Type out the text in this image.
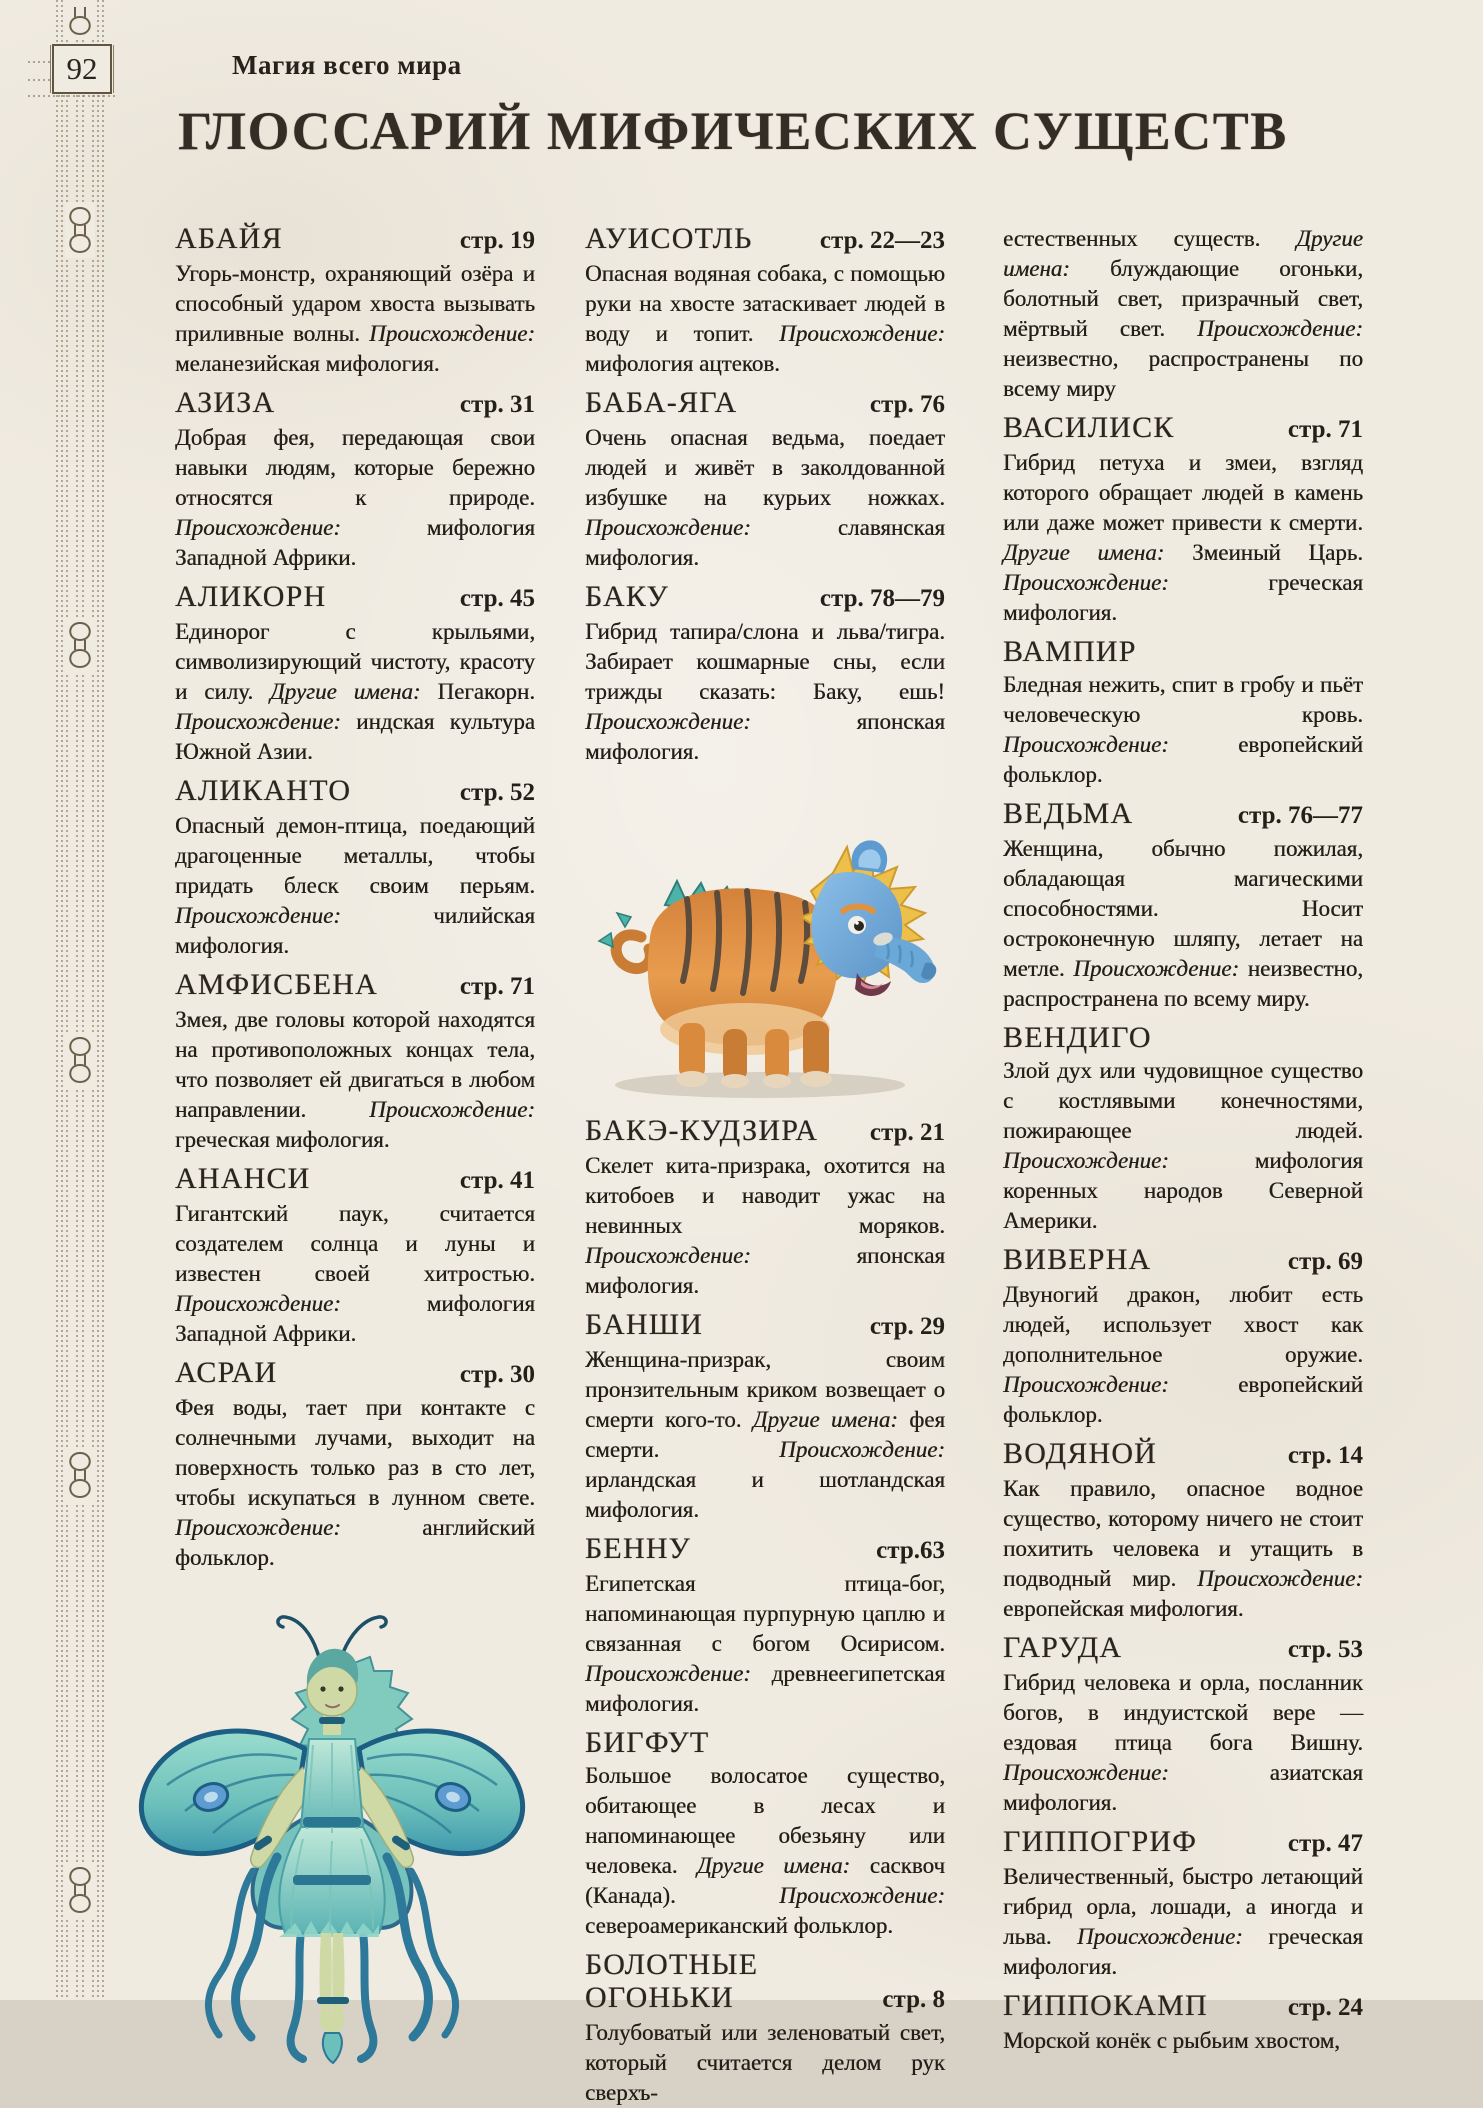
92	Магия всего мира
ГЛОССАРИЙ МИФИЧЕСКИХ СУЩЕСТВ
АБАЙЯ	стр. 19

Угорь-монстр, охраняющий озёра и способный ударом хвоста вызывать приливные волны. Происхождение: меланезийская мифология.

АЗИЗА	стр. 31

Добрая фея, передающая свои навыки людям, которые бережно относятся к природе. Происхождение: мифология Западной Африки.

АЛИКОРН	стр. 45

Единорог с крыльями, символизирующий чистоту, красоту и силу. Другие имена: Пегакорн. Происхождение: индская культура Южной Азии.

АЛИКАНТО	стр. 52

Опасный демон-птица, поедающий драгоценные металлы, чтобы придать блеск своим перьям. Происхождение: чилийская мифология.

АМФИСБЕНА	стр. 71

Змея, две головы которой находятся на противоположных концах тела, что позволяет ей двигаться в любом направлении. Происхождение: греческая мифология.

АНАНСИ	стр. 41

Гигантский паук, считается создателем солнца и луны и известен своей хитростью. Происхождение: мифология Западной Африки.

АСРАИ	стр. 30

Фея воды, тает при контакте с солнечными лучами, выходит на поверхность только раз в сто лет, чтобы искупаться в лунном свете. Происхождение: английский фольклор.

АУИСОТЛЬ	стр. 22—23

Опасная водяная собака, с помощью руки на хвосте затаскивает людей в воду и топит. Происхождение: мифология ацтеков.

БАБА-ЯГА	стр. 76

Очень опасная ведьма, поедает людей и живёт в заколдованной избушке на курьих ножках. Происхождение: славянская мифология.

БАКУ	стр. 78—79

Гибрид тапира/слона и льва/тигра. Забирает кошмарные сны, если трижды сказать: Баку, ешь! Происхождение: японская мифология.

БАКЭ-КУДЗИРА стр. 21

Скелет кита-призрака, охотится на китобоев и наводит ужас на невинных моряков. Происхождение: японская мифология.

БАНШИ	стр. 29

Женщина-призрак, своим пронзительным криком возвещает о смерти кого-то. Другие имена: фея смерти. Происхождение: ирландская и шотландская мифология.

БЕННУ	стр.63

Египетская птица-бог, напоминающая пурпурную цаплю и связанная с богом Осирисом. Происхождение: древнеегипетская мифология.

БИГФУТ

Большое волосатое существо, обитающее в лесах и напоминающее обезьяну или человека. Другие имена: сасквоч (Канада). Происхождение: североамериканский фольклор.

БОЛОТНЫЕ
ОГОНЬКИ	стр. 8

Голубоватый или зеленоватый свет, который считается делом рук сверхъ-

естественных существ. Другие имена: блуждающие огоньки, болотный свет, призрачный свет, мёртвый свет. Происхождение: неизвестно, распространены по всему миру

ВАСИЛИСК	стр. 71

Гибрид петуха и змеи, взгляд которого обращает людей в камень или даже может привести к смерти. Другие имена: Змеиный Царь. Происхождение: греческая мифология.

ВАМПИР

Бледная нежить, спит в гробу и пьёт человеческую кровь. Происхождение: европейский фольклор.

ВЕДЬМА	стр. 76—77

Женщина, обычно пожилая, обладающая магическими способностями. Носит остроконечную шляпу, летает на метле. Происхождение: неизвестно, распространена по всему миру.

ВЕНДИГО

Злой дух или чудовищное существо с костлявыми конечностями, пожирающее людей. Происхождение: мифология коренных народов Северной Америки.

ВИВЕРНА	стр. 69

Двуногий дракон, любит есть людей, использует хвост как дополнительное оружие. Происхождение: европейский фольклор.

ВОДЯНОЙ	стр. 14

Как правило, опасное водное существо, которому ничего не стоит похитить человека и утащить в подводный мир. Происхождение: европейская мифология.

ГАРУДА	стр. 53

Гибрид человека и орла, посланник богов, в индуистской вере — ездовая птица бога Вишну. Происхождение: азиатская мифология.

ГИППОГРИФ	стр. 47

Величественный, быстро летающий гибрид орла, лошади, а иногда и льва. Происхождение: греческая мифология.

ГИППОКАМП	стр. 24

Морской конёк с рыбьим хвостом,
